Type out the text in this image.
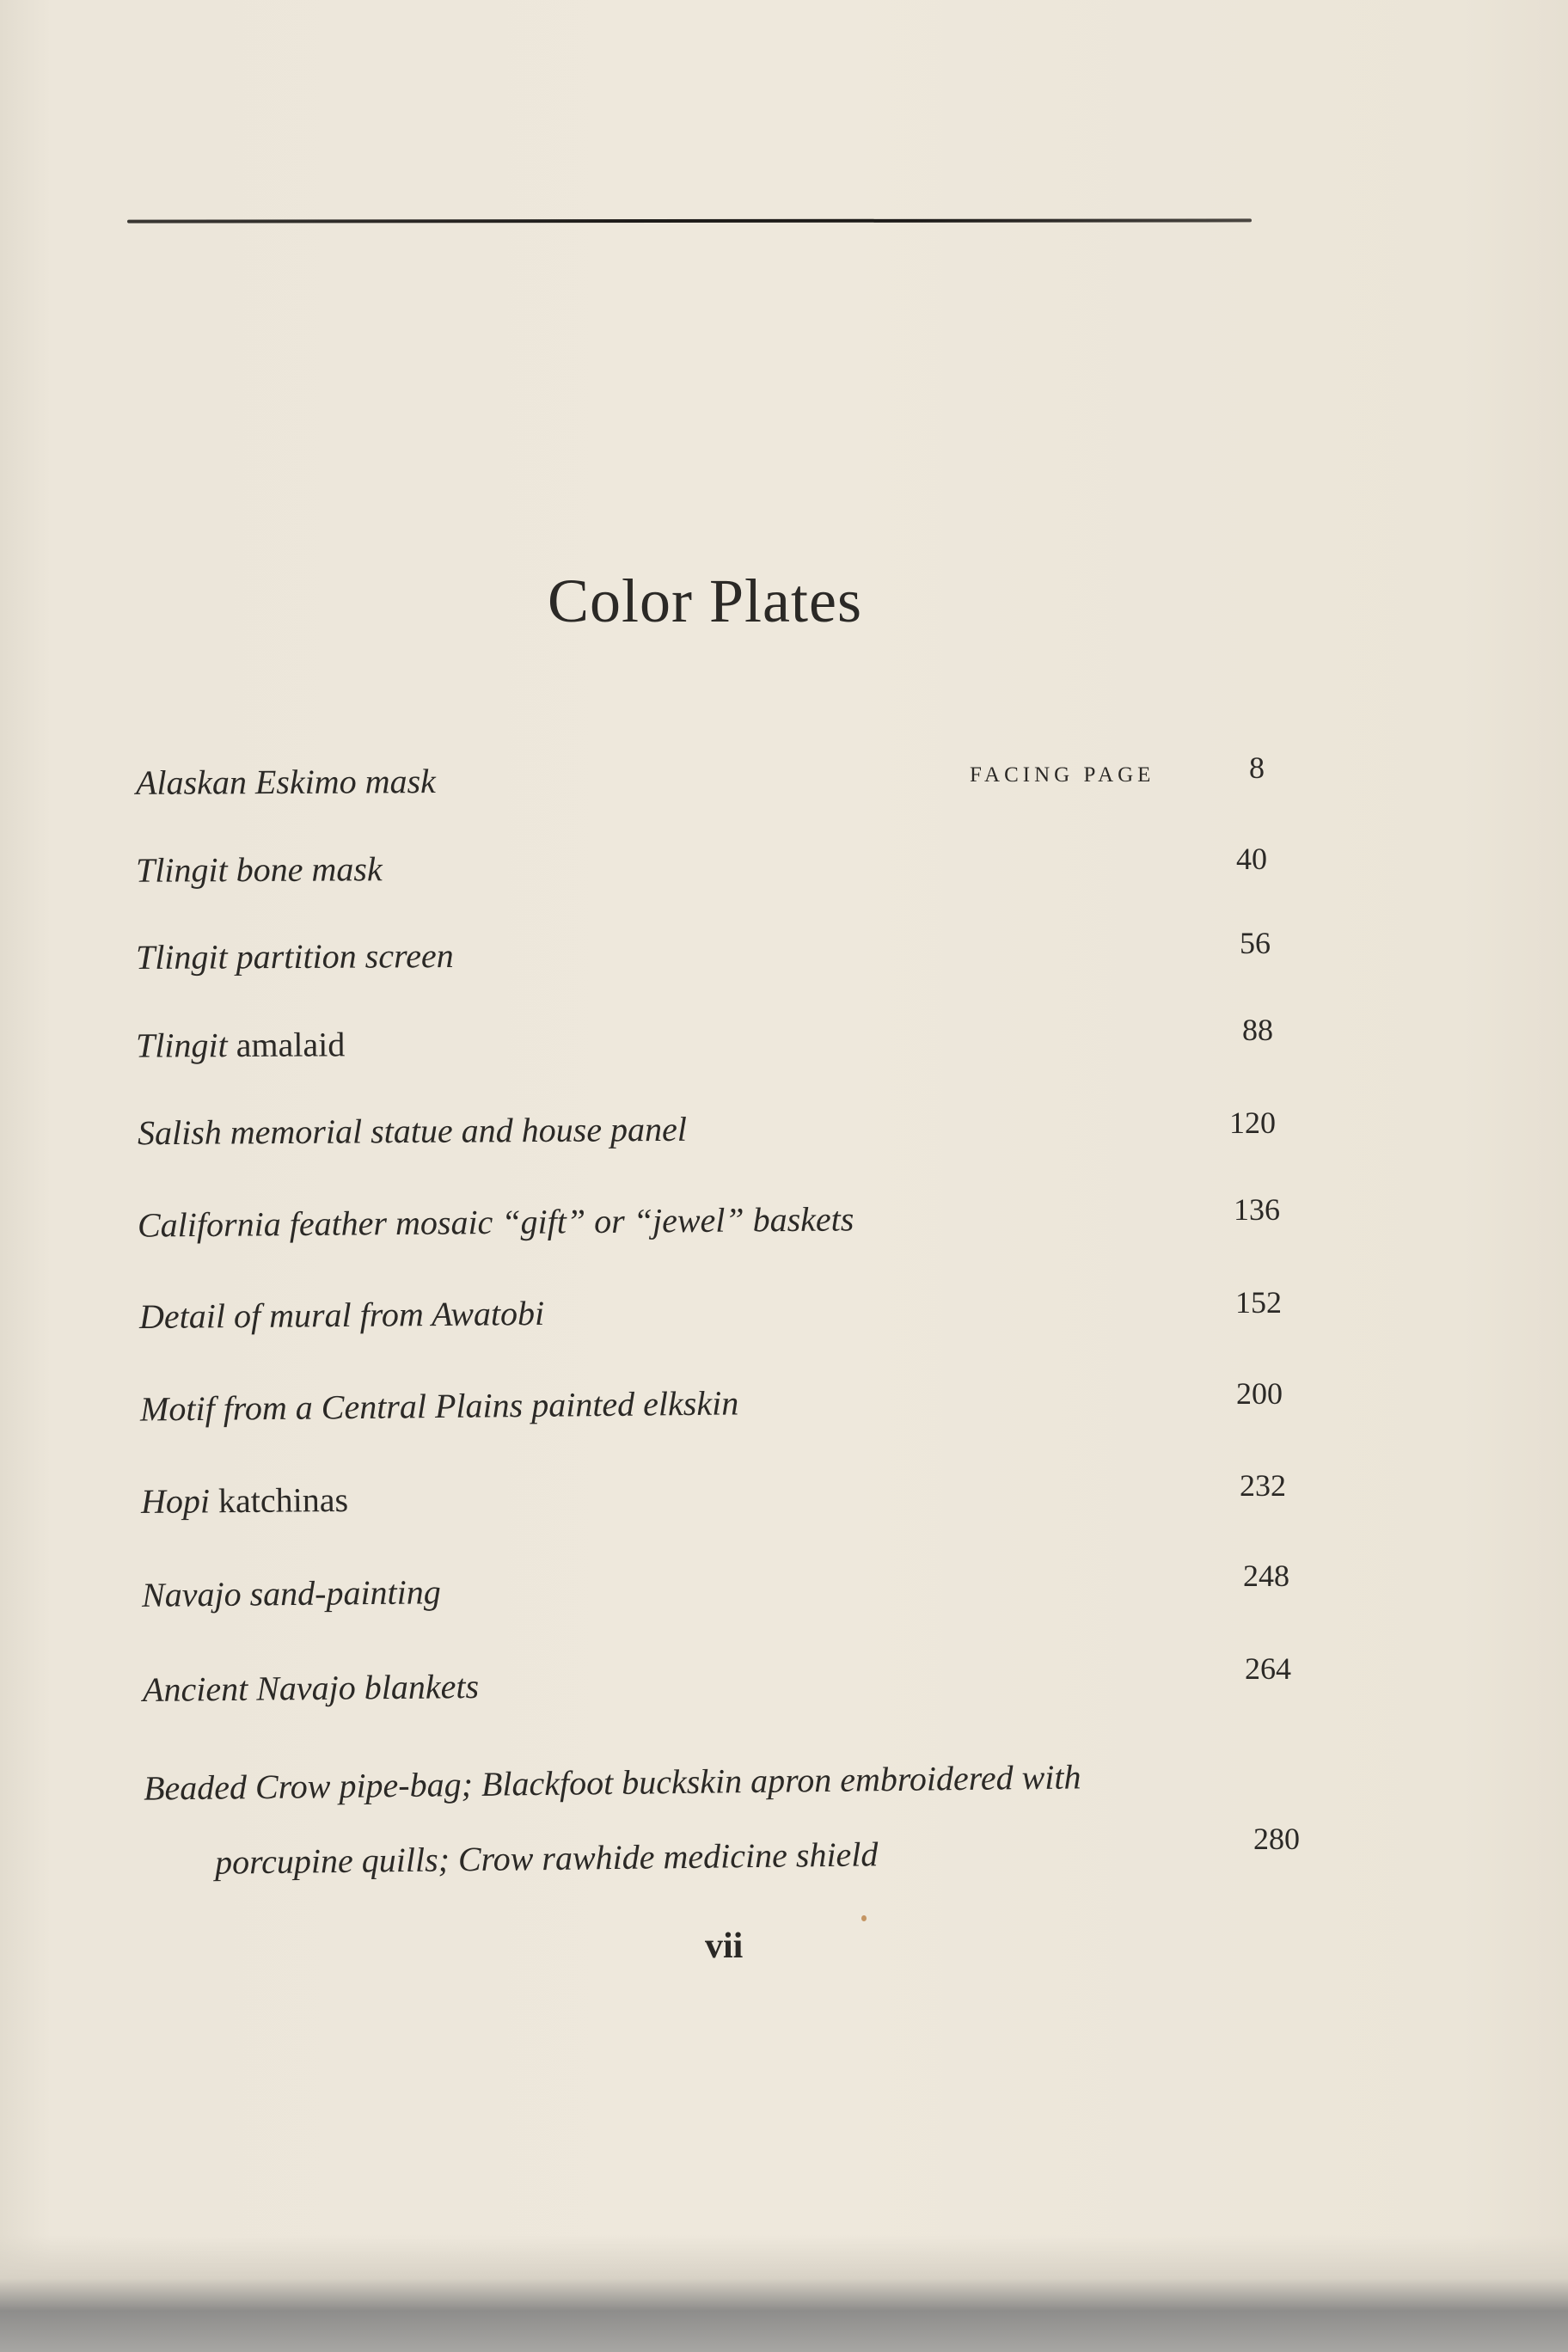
Color Plates
FACING PAGE
Alaskan Eskimo mask	8
Tlingit bone mask	40
Tlingit partition screen	56
Tlingit amalaid	88
Salish memorial statue and house panel	120
California feather mosaic “gift” or “jewel” baskets	136
Detail of mural from Awatobi	152
Motif from a Central Plains painted elkskin	200
Hopi katchinas	232
Navajo sand-painting	248
Ancient Navajo blankets	264
Beaded Crow pipe-bag; Blackfoot buckskin apron embroidered with
porcupine quills; Crow rawhide medicine shield	280
vii
